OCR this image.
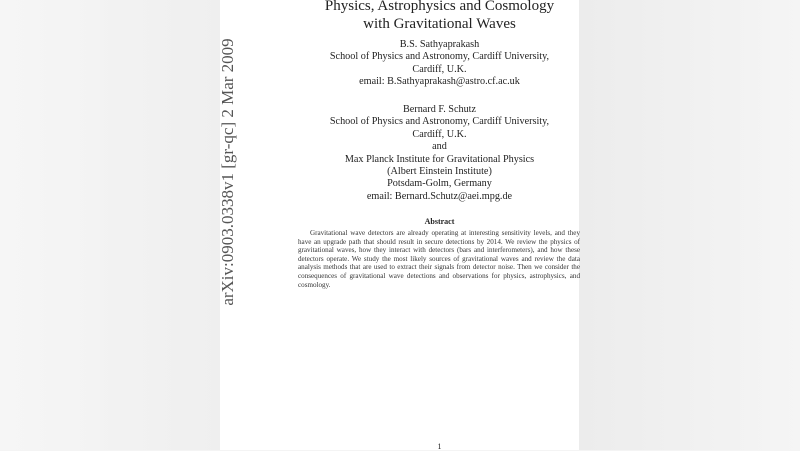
Physics, Astrophysics and Cosmology
with Gravitational Waves
B.S. Sathyaprakash
School of Physics and Astronomy, Cardiff University,
Cardiff, U.K.
email: B.Sathyaprakash@astro.cf.ac.uk
Bernard F. Schutz
School of Physics and Astronomy, Cardiff University,
Cardiff, U.K.
and
Max Planck Institute for Gravitational Physics
(Albert Einstein Institute)
Potsdam-Golm, Germany
email: Bernard.Schutz@aei.mpg.de
Abstract
Gravitational wave detectors are already operating at interesting sensitivity levels, and they have an upgrade path that should result in secure detections by 2014. We review the physics of gravitational waves, how they interact with detectors (bars and interferometers), and how these detectors operate. We study the most likely sources of gravitational waves and review the data analysis methods that are used to extract their signals from detector noise. Then we consider the consequences of gravitational wave detections and observations for physics, astrophysics, and cosmology.
1
arXiv:0903.0338v1 [gr-qc] 2 Mar 2009
